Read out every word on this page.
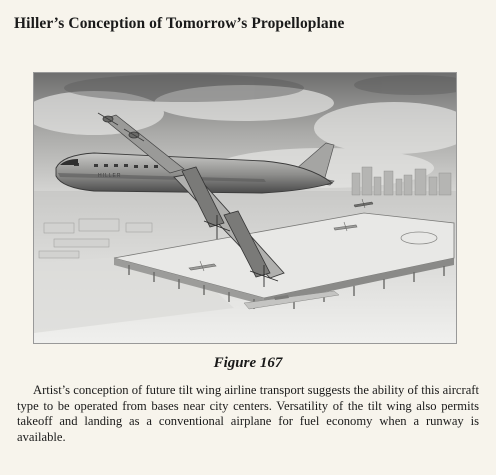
Hiller’s Conception of Tomorrow’s Propelloplane
Figure 167
Artist’s conception of future tilt wing airline transport suggests the ability of this aircraft type to be operated from bases near city centers. Versatility of the tilt wing also permits takeoff and landing as a conventional airplane for fuel economy when a runway is available.
